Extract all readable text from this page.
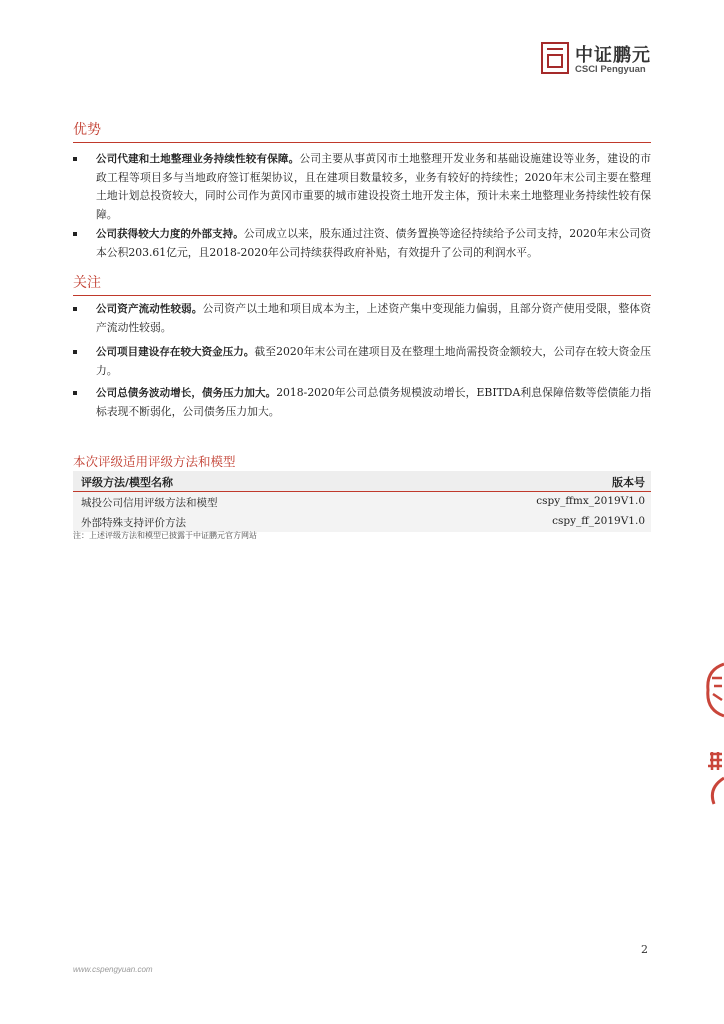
中证鹏元
CSCI Pengyuan
优势
公司代建和土地整理业务持续性较有保障。公司主要从事黄冈市土地整理开发业务和基础设施建设等业务，建设的市政工程等项目多与当地政府签订框架协议，且在建项目数量较多，业务有较好的持续性；2020年末公司主要在整理土地计划总投资较大，同时公司作为黄冈市重要的城市建设投资土地开发主体，预计未来土地整理业务持续性较有保障。
公司获得较大力度的外部支持。公司成立以来，股东通过注资、债务置换等途径持续给予公司支持，2020年末公司资本公积203.61亿元，且2018-2020年公司持续获得政府补贴，有效提升了公司的利润水平。
关注
公司资产流动性较弱。公司资产以土地和项目成本为主，上述资产集中变现能力偏弱，且部分资产使用受限，整体资产流动性较弱。
公司项目建设存在较大资金压力。截至2020年末公司在建项目及在整理土地尚需投资金额较大，公司存在较大资金压力。
公司总债务波动增长，债务压力加大。2018-2020年公司总债务规模波动增长，EBITDA利息保障倍数等偿债能力指标表现不断弱化，公司债务压力加大。
本次评级适用评级方法和模型
评级方法/模型名称	版本号
城投公司信用评级方法和模型	cspy_ffmx_2019V1.0
外部特殊支持评价方法	cspy_ff_2019V1.0
注：上述评级方法和模型已披露于中证鹏元官方网站
2
www.cspengyuan.com
